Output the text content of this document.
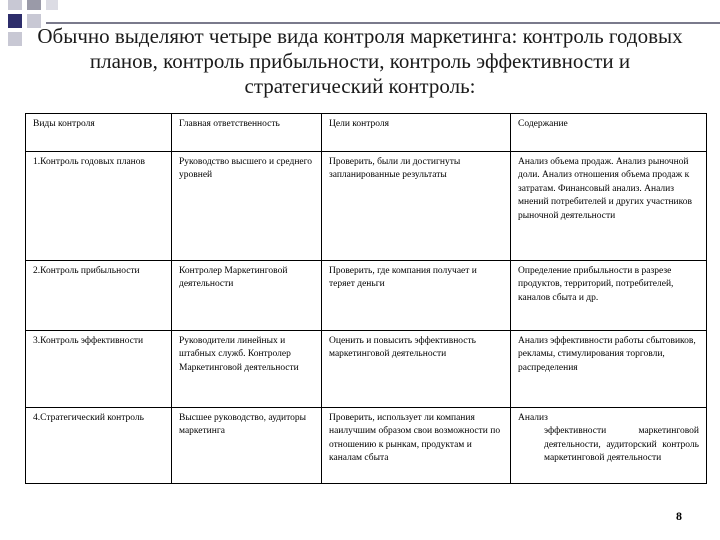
Обычно выделяют четыре вида контроля маркетинга: контроль годовых планов, контроль прибыльности, контроль эффективности и стратегический контроль:
Виды контроля	Главная ответственность	Цели контроля	Содержание
1.Контроль годовых планов	Руководство высшего и среднего уровней	Проверить, были ли достигнуты запланированные результаты	Анализ объема продаж. Анализ рыночной доли. Анализ отношения объема продаж к затратам. Финансовый анализ. Анализ мнений потребителей и других участников рыночной деятельности
2.Контроль прибыльности	Контролер Маркетинговой деятельности	Проверить, где компания получает и теряет деньги	Определение прибыльности в разрезе продуктов, территорий, потребителей, каналов сбыта и др.
3.Контроль эффективности	Руководители линейных и штабных служб. Контролер Маркетинговой деятельности	Оценить и повысить эффективность маркетинговой деятельности	Анализ эффективности работы сбытовиков, рекламы, стимулирования торговли, распределения
4.Стратегический контроль	Высшее руководство, аудиторы маркетинга	Проверить, использует ли компания наилучшим образом свои возможности по отношению к рынкам, продуктам и каналам сбыта	Анализ
эффективности маркетинговой деятельности, аудиторский контроль маркетинговой деятельности
8
